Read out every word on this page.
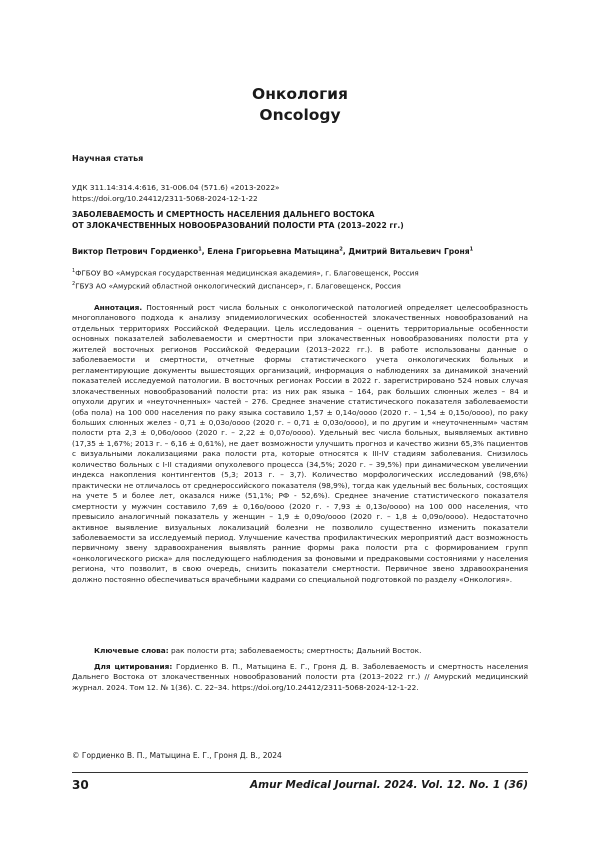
Онкология
Oncology
Научная статья
УДК 311.14:314.4:616, 31-006.04 (571.6) «2013-2022»
https://doi.org/10.24412/2311-5068-2024-12-1-22
ЗАБОЛЕВАЕМОСТЬ И СМЕРТНОСТЬ НАСЕЛЕНИЯ ДАЛЬНЕГО ВОСТОКА
ОТ ЗЛОКАЧЕСТВЕННЫХ НОВООБРАЗОВАНИЙ ПОЛОСТИ РТА (2013–2022 гг.)
Виктор Петрович Гордиенко$^1$, Елена Григорьевна Матыцина$^2$, Дмитрий Витальевич Гроня$^1$
$^1$ФГБОУ ВО «Амурская государственная медицинская академия», г. Благовещенск, Россия
$^2$ГБУЗ АО «Амурский областной онкологический диспансер», г. Благовещенск, Россия
Аннотация. Постоянный рост числа больных с онкологической патологией определяет целесообразность многопланового подхода к анализу эпидемиологических особенностей злокачественных новообразований на отдельных территориях Российской Федерации. Цель исследования – оценить территориальные особенности основных показателей заболеваемости и смертности при злокачественных новообразованиях полости рта у жителей восточных регионов Российской Федерации (2013–2022 гг.). В работе использованы данные о заболеваемости и смертности, отчетные формы статистического учета онкологических больных и регламентирующие документы вышестоящих организаций, информация о наблюдениях за динамикой значений показателей исследуемой патологии. В восточных регионах России в 2022 г. зарегистрировано 524 новых случая злокачественных новообразований полости рта: из них рак языка – 164, рак больших слюнных желез – 84 и опухоли других и «неуточненных» частей – 276. Среднее значение статистического показателя заболеваемости (оба пола) на 100 000 населения по раку языка составило 1,57 ± 0,14о/оооо (2020 г. – 1,54 ± 0,15о/оооо), по раку больших слюнных желез - 0,71 ± 0,03о/оооо (2020 г. – 0,71 ± 0,03о/оооо), и по другим и «неуточненным» частям полости рта 2,3 ± 0,06о/оооо (2020 г. – 2,22 ± 0,07о/оооо). Удельный вес числа больных, выявляемых активно (17,35 ± 1,67%; 2013 г. – 6,16 ± 0,61%), не дает возможности улучшить прогноз и качество жизни 65,3% пациентов с визуальными локализациями рака полости рта, которые относятся к III-IV стадиям заболевания. Снизилось количество больных с I-II стадиями опухолевого процесса (34,5%; 2020 г. – 39,5%) при динамическом увеличении индекса накопления контингентов (5,3; 2013 г. – 3,7). Количество морфологических исследований (98,6%) практически не отличалось от среднероссийского показателя (98,9%), тогда как удельный вес больных, состоящих на учете 5 и более лет, оказался ниже (51,1%; РФ - 52,6%). Среднее значение статистического показателя смертности у мужчин составило 7,69 ± 0,16о/оооо (2020 г. - 7,93 ± 0,13о/оооо) на 100 000 населения, что превысило аналогичный показатель у женщин – 1,9 ± 0,09о/оооо (2020 г. – 1,8 ± 0,09о/оооо). Недостаточно активное выявление визуальных локализаций болезни не позволило существенно изменить показатели заболеваемости за исследуемый период. Улучшение качества профилактических мероприятий даст возможность первичному звену здравоохранения выявлять ранние формы рака полости рта с формированием групп «онкологического риска» для последующего наблюдения за фоновыми и предраковыми состояниями у населения региона, что позволит, в свою очередь, снизить показатели смертности. Первичное звено здравоохранения должно постоянно обеспечиваться врачебными кадрами со специальной подготовкой по разделу «Онкология».
Ключевые слова: рак полости рта; заболеваемость; смертность; Дальний Восток.
Для цитирования: Гордиенко В. П., Матыцина Е. Г., Гроня Д. В. Заболеваемость и смертность населения Дальнего Востока от злокачественных новообразований полости рта (2013–2022 гг.) // Амурский медицинский журнал. 2024. Том 12. № 1(36). С. 22–34. https://doi.org/10.24412/2311-5068-2024-12-1-22.
© Гордиенко В. П., Матыцина Е. Г., Гроня Д. В., 2024
30	Amur Medical Journal. 2024. Vol. 12. No. 1 (36)
